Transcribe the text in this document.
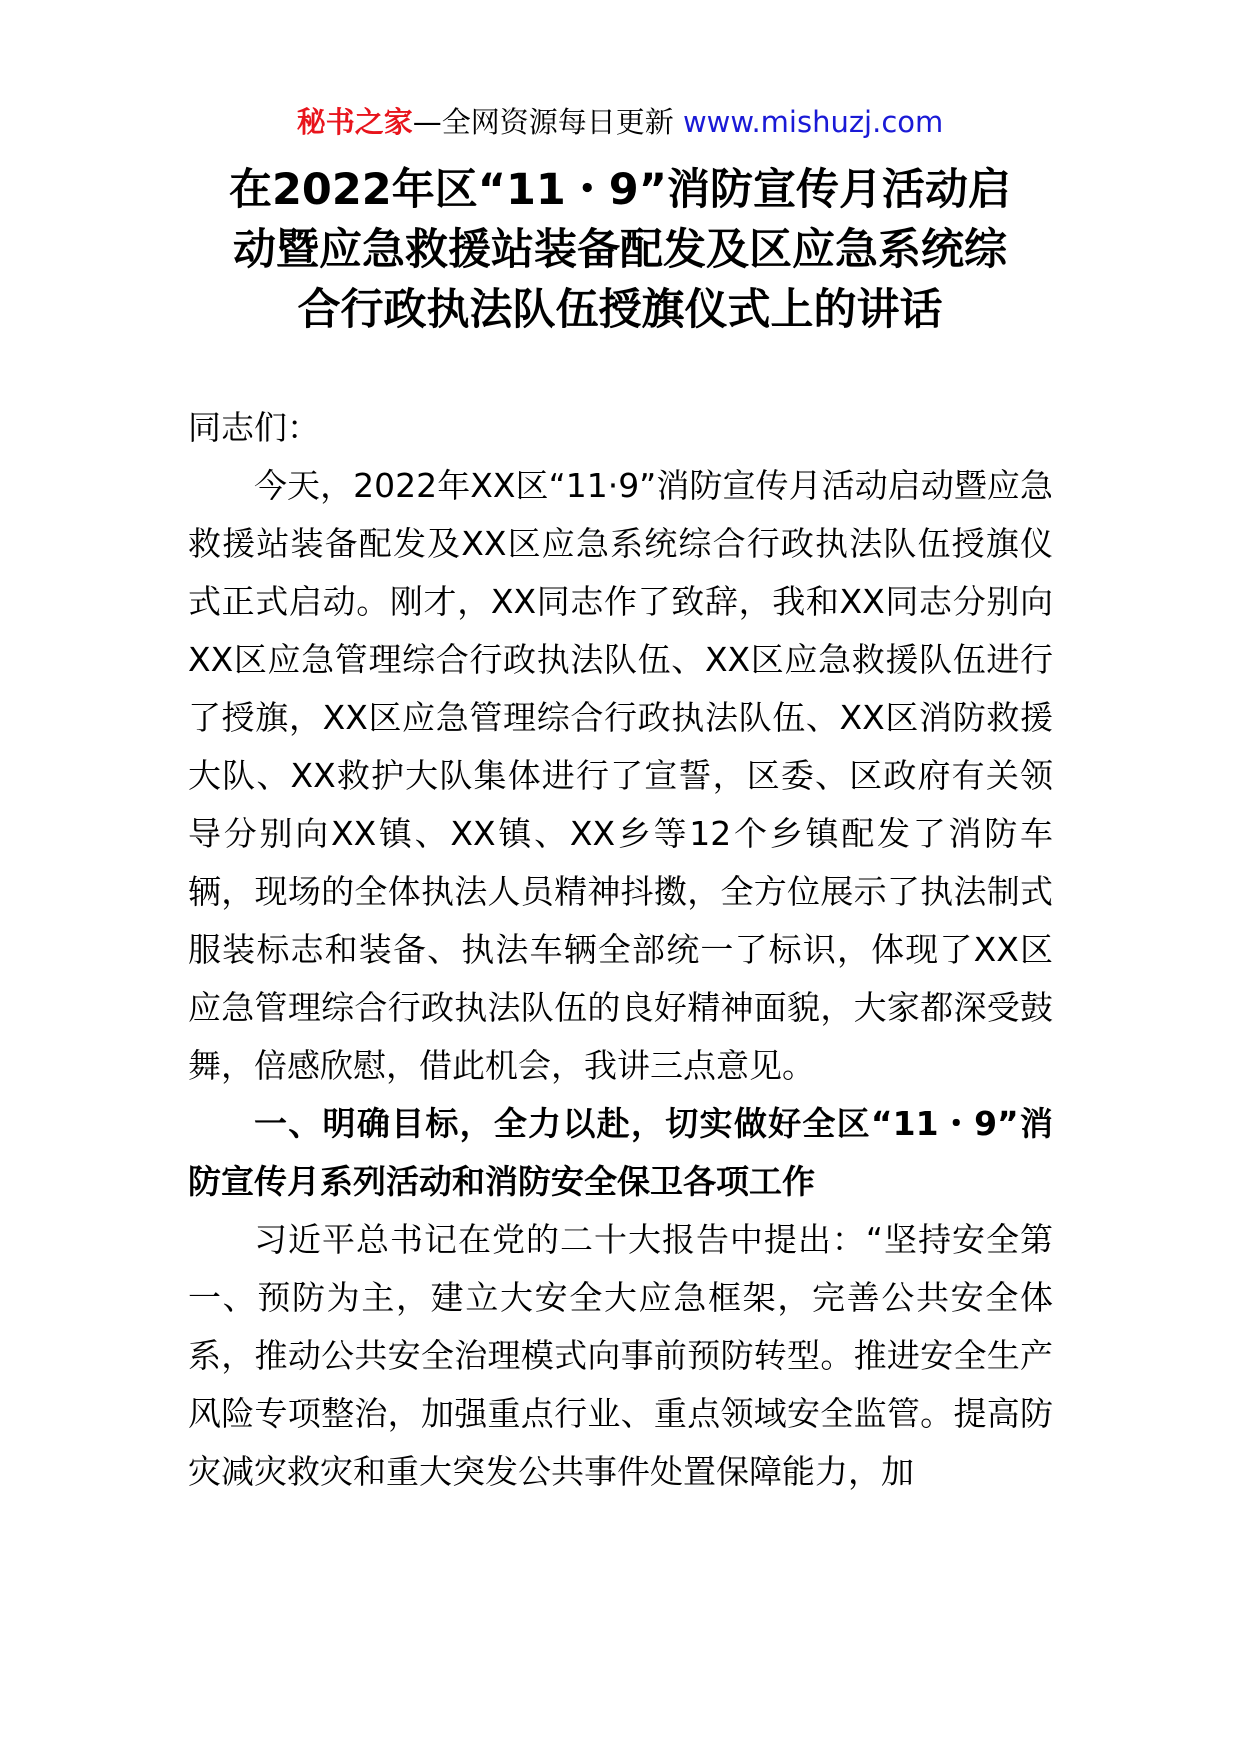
秘书之家—全网资源每日更新 www.mishuzj.com
在2022年区“11・9”消防宣传月活动启
动暨应急救援站装备配发及区应急系统综
合行政执法队伍授旗仪式上的讲话

同志们：

今天，2022年XX区“11·9”消防宣传月活动启动暨应急救援站装备配发及XX区应急系统综合行政执法队伍授旗仪式正式启动。刚才，XX同志作了致辞，我和XX同志分别向XX区应急管理综合行政执法队伍、XX区应急救援队伍进行了授旗，XX区应急管理综合行政执法队伍、XX区消防救援大队、XX救护大队集体进行了宣誓，区委、区政府有关领导分别向XX镇、XX镇、XX乡等12个乡镇配发了消防车辆，现场的全体执法人员精神抖擞，全方位展示了执法制式服装标志和装备、执法车辆全部统一了标识，体现了XX区应急管理综合行政执法队伍的良好精神面貌，大家都深受鼓舞，倍感欣慰，借此机会，我讲三点意见。

一、明确目标，全力以赴，切实做好全区“11・9”消防宣传月系列活动和消防安全保卫各项工作

习近平总书记在党的二十大报告中提出：“坚持安全第一、预防为主，建立大安全大应急框架，完善公共安全体系，推动公共安全治理模式向事前预防转型。推进安全生产风险专项整治，加强重点行业、重点领域安全监管。提高防灾减灾救灾和重大突发公共事件处置保障能力，加
